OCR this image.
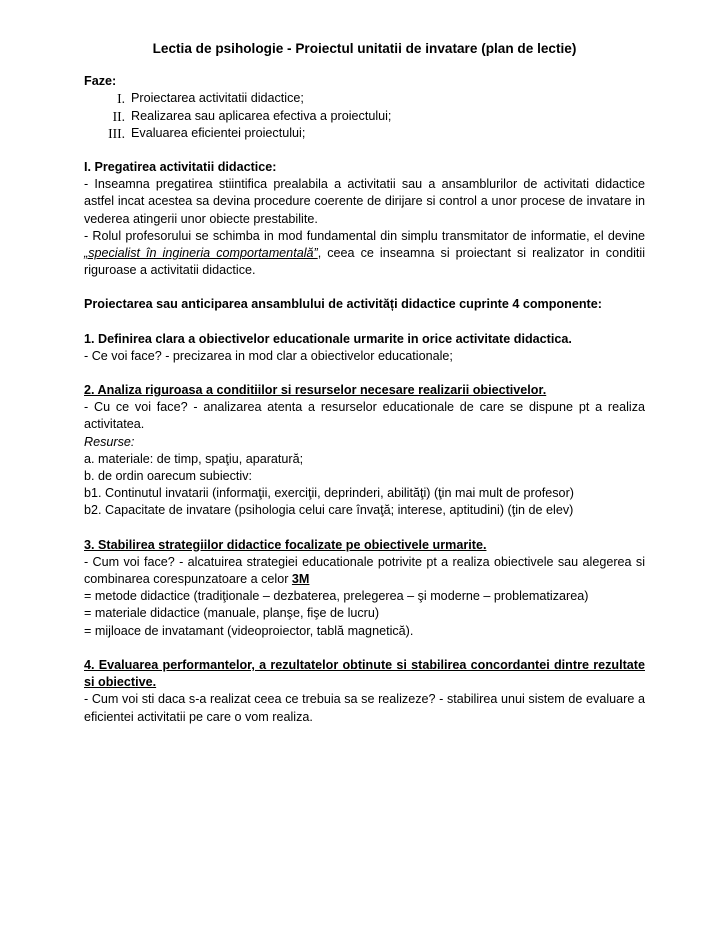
Lectia de psihologie - Proiectul unitatii de invatare (plan de lectie)

Faze:

I. Proiectarea activitatii didactice;
II. Realizarea sau aplicarea efectiva a proiectului;
III. Evaluarea eficientei proiectului;

I. Pregatirea activitatii didactice:

- Inseamna pregatirea stiintifica prealabila a activitatii sau a ansamblurilor de activitati didactice astfel incat acestea sa devina procedure coerente de dirijare si control a unor procese de invatare in vederea atingerii unor obiecte prestabilite.

- Rolul profesorului se schimba in mod fundamental din simplu transmitator de informatie, el devine „specialist în ingineria comportamentală”, ceea ce inseamna si proiectant si realizator in conditii riguroase a activitatii didactice.

Proiectarea sau anticiparea ansamblului de activități didactice cuprinte 4 componente:

1. Definirea clara a obiectivelor educationale urmarite in orice activitate didactica.

- Ce voi face? - precizarea in mod clar a obiectivelor educationale;

2. Analiza riguroasa a conditiilor si resurselor necesare realizarii obiectivelor.

- Cu ce voi face? - analizarea atenta a resurselor educationale de care se dispune pt a realiza activitatea.

Resurse:

a. materiale: de timp, spaţiu, aparatură;

b. de ordin oarecum subiectiv:

b1. Continutul invatarii (informaţii, exerciţii, deprinderi, abilităţi) (ţin mai mult de profesor)

b2. Capacitate de invatare (psihologia celui care învaţă; interese, aptitudini) (ţin de elev)

3. Stabilirea strategiilor didactice focalizate pe obiectivele urmarite.

- Cum voi face? - alcatuirea strategiei educationale potrivite pt a realiza obiectivele sau alegerea si combinarea corespunzatoare a celor 3M

= metode didactice (tradiţionale – dezbaterea, prelegerea – şi moderne – problematizarea)

= materiale didactice (manuale, planşe, fişe de lucru)

= mijloace de invatamant (videoproiector, tablă magnetică).

4. Evaluarea performantelor, a rezultatelor obtinute si stabilirea concordantei dintre rezultate si obiective.

- Cum voi sti daca s-a realizat ceea ce trebuia sa se realizeze? - stabilirea unui sistem de evaluare a eficientei activitatii pe care o vom realiza.
